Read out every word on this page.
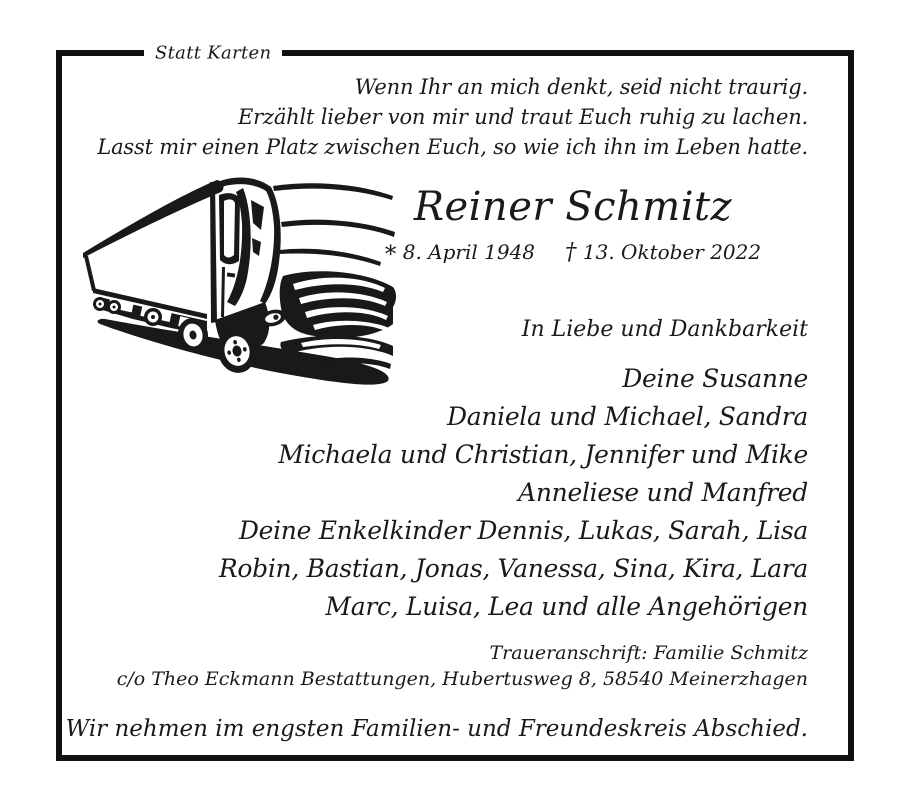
Wenn Ihr an mich denkt, seid nicht traurig.
Erzählt lieber von mir und traut Euch ruhig zu lachen.
Lasst mir einen Platz zwischen Euch, so wie ich ihn im Leben hatte.
Reiner Schmitz
* 8. April 1948 † 13. Oktober 2022
In Liebe und Dankbarkeit
Deine Susanne
Daniela und Michael, Sandra
Michaela und Christian, Jennifer und Mike
Anneliese und Manfred
Deine Enkelkinder Dennis, Lukas, Sarah, Lisa
Robin, Bastian, Jonas, Vanessa, Sina, Kira, Lara
Marc, Luisa, Lea und alle Angehörigen
Traueranschrift: Familie Schmitz
c/o Theo Eckmann Bestattungen, Hubertusweg 8, 58540 Meinerzhagen
Wir nehmen im engsten Familien- und Freundeskreis Abschied.
Statt Karten
